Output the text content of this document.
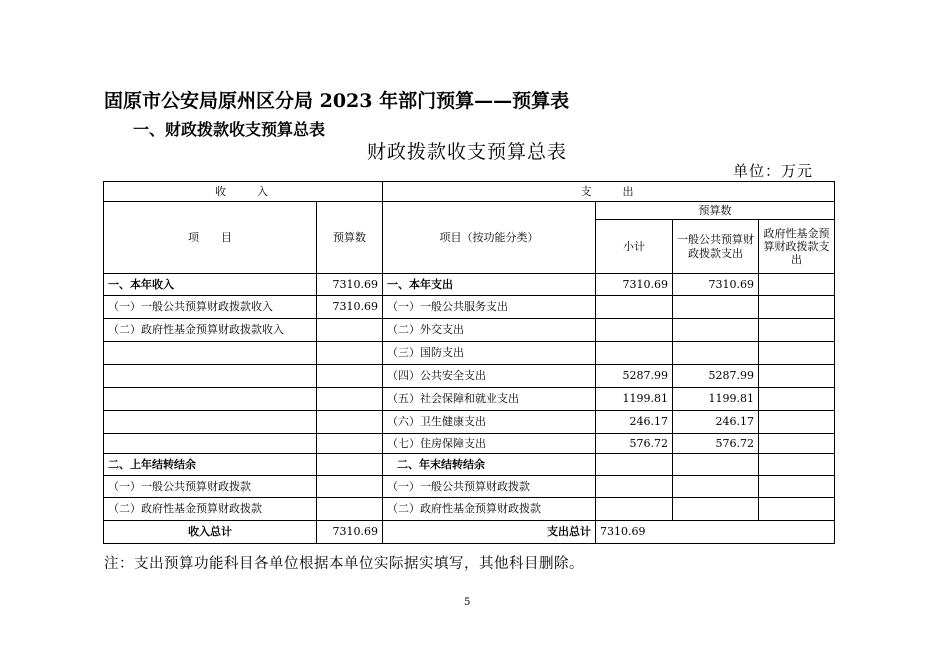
固原市公安局原州区分局 2023 年部门预算——预算表
一、财政拨款收支预算总表
财政拨款收支预算总表
单位：万元
收　　入		支　　出			
项　　目	预算数	项目（按功能分类）	预算数		
			小计	一般公共预算财政拨款支出	政府性基金预算财政拨款支出
一、本年收入	7310.69	一、本年支出	7310.69	7310.69	
（一）一般公共预算财政拨款收入	7310.69	（一）一般公共服务支出			
（二）政府性基金预算财政拨款收入		（二）外交支出			
		（三）国防支出			
		（四）公共安全支出	5287.99	5287.99	
		（五）社会保障和就业支出	1199.81	1199.81	
		（六）卫生健康支出	246.17	246.17	
		（七）住房保障支出	576.72	576.72	
二、上年结转结余		二、年末结转结余			
（一）一般公共预算财政拨款		（一）一般公共预算财政拨款			
（二）政府性基金预算财政拨款		（二）政府性基金预算财政拨款			
收入总计	7310.69	支出总计	7310.69		
注：支出预算功能科目各单位根据本单位实际据实填写，其他科目删除。
5
